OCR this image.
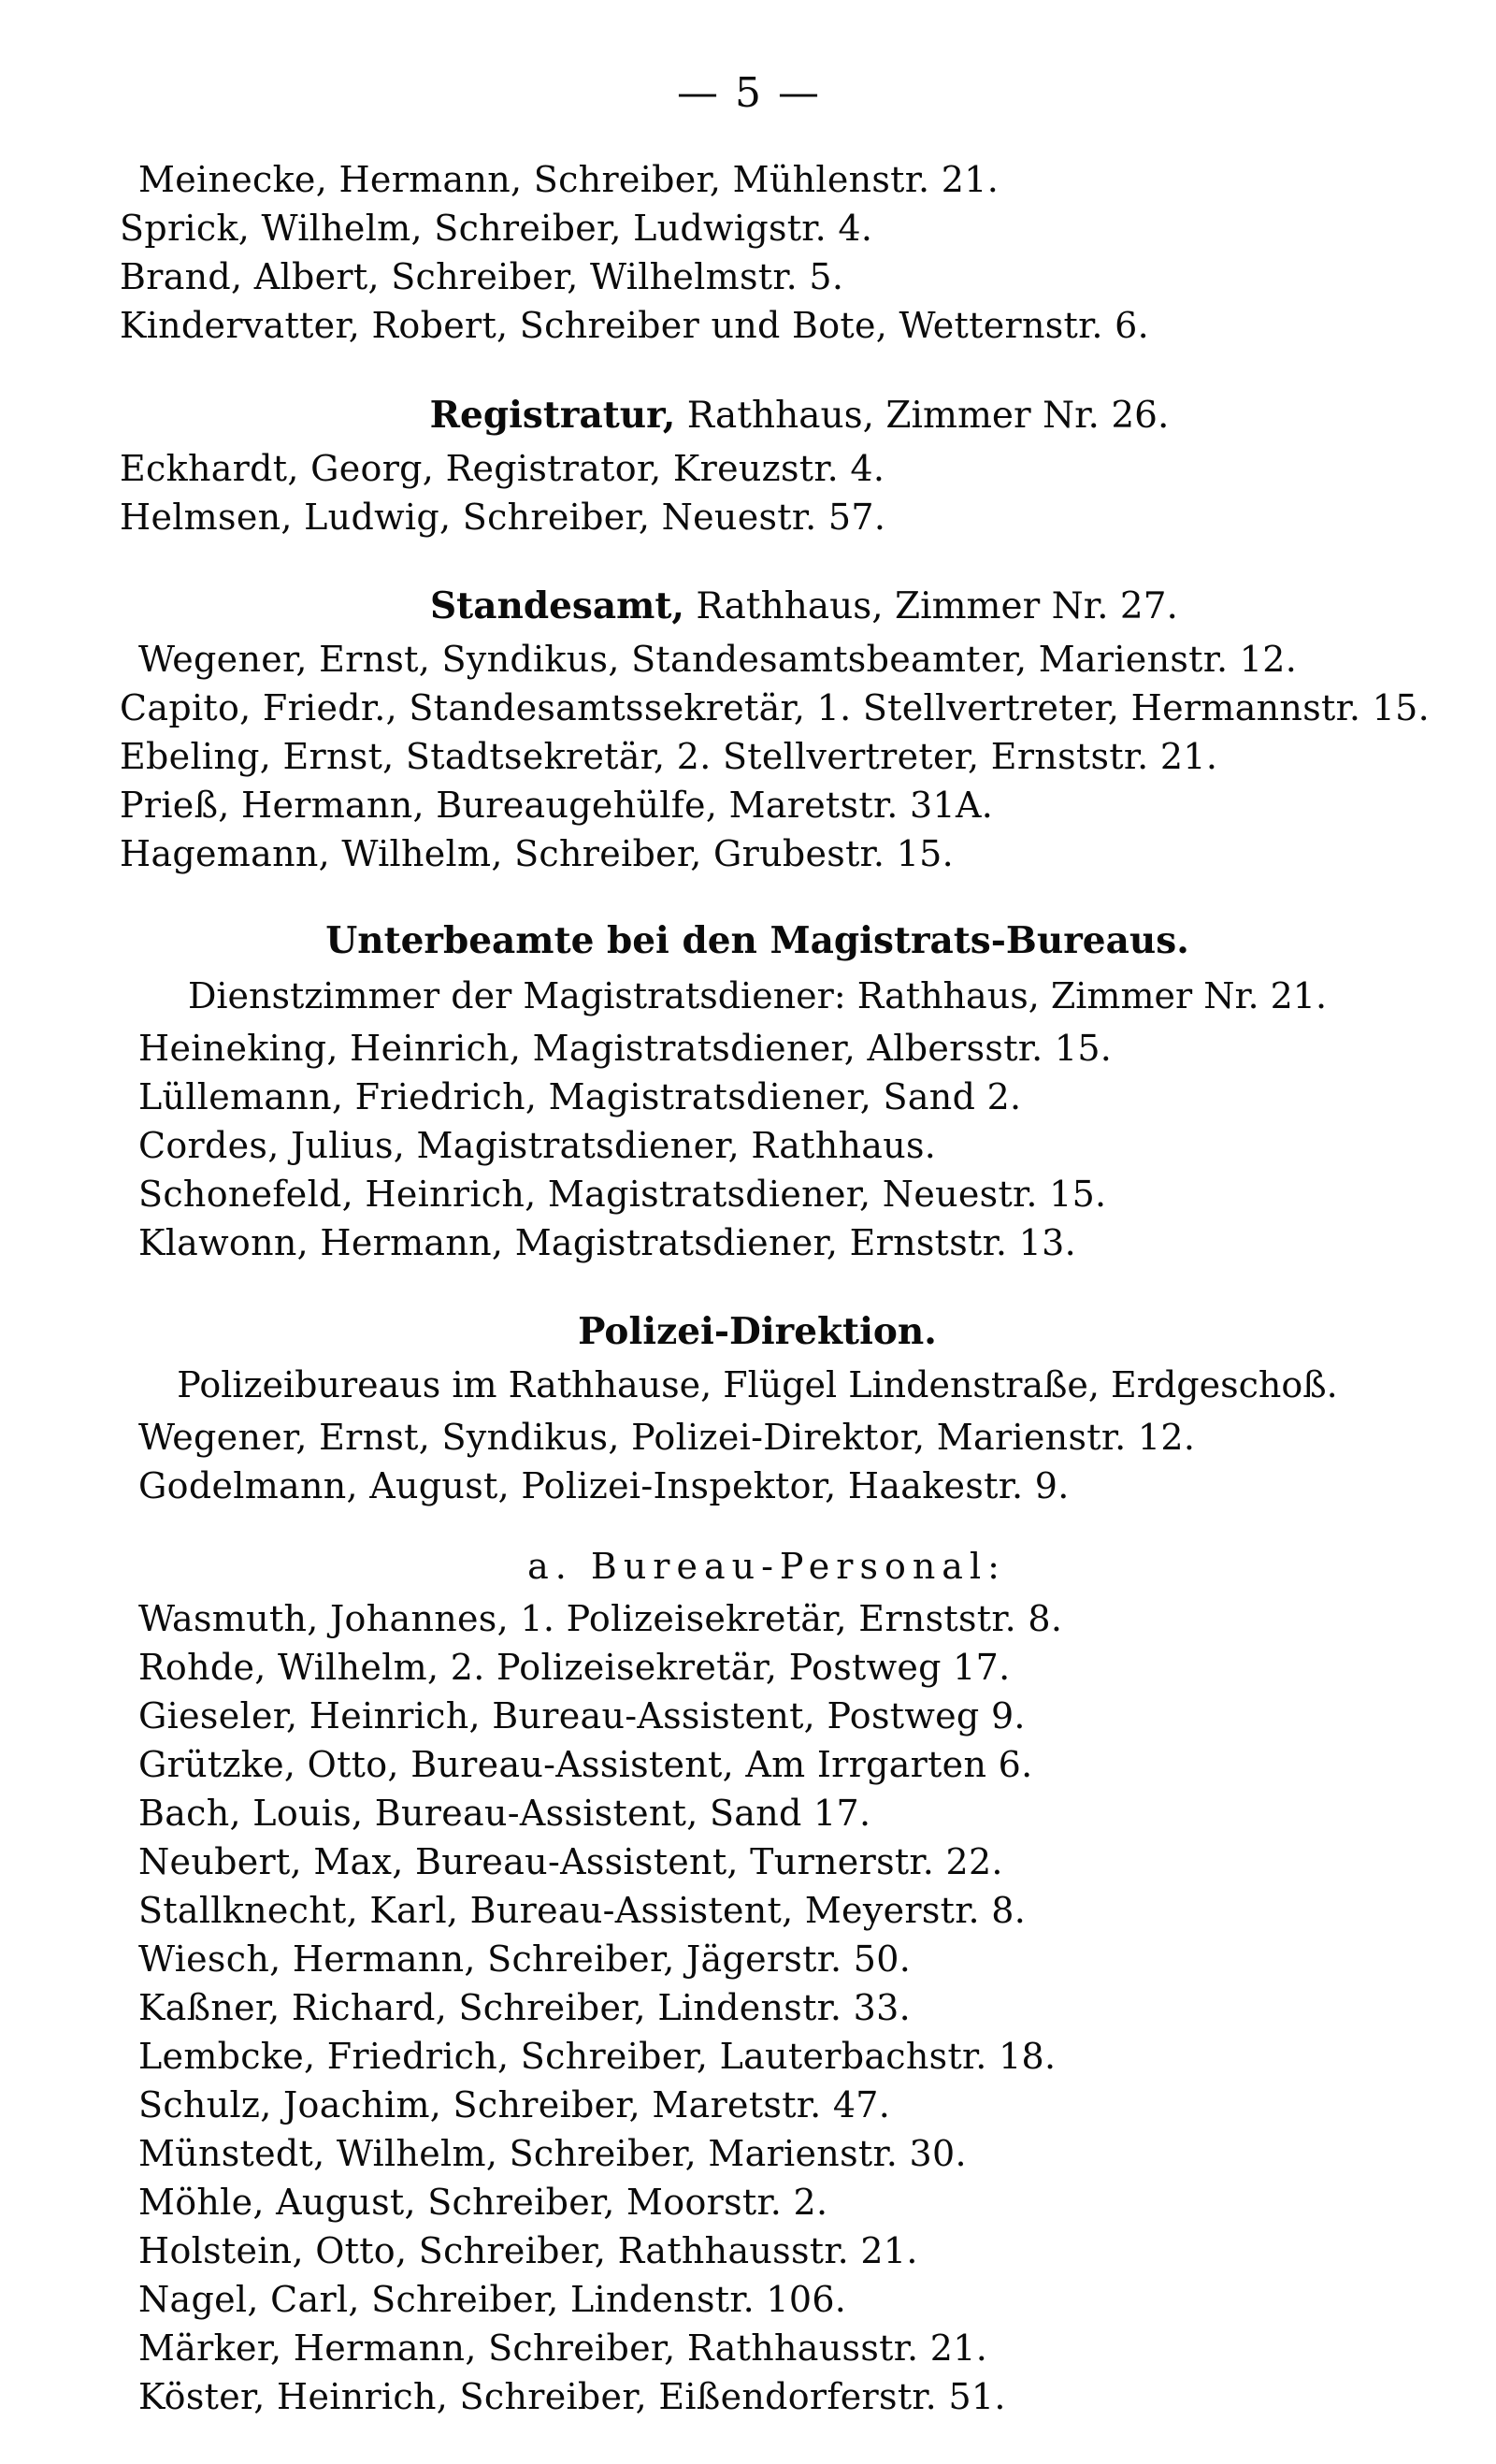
— 5 —
Meinecke, Hermann, Schreiber, Mühlenstr. 21.
Sprick, Wilhelm, Schreiber, Ludwigstr. 4.
Brand, Albert, Schreiber, Wilhelmstr. 5.
Kindervatter, Robert, Schreiber und Bote, Wetternstr. 6.
Registratur, Rathhaus, Zimmer Nr. 26.
Eckhardt, Georg, Registrator, Kreuzstr. 4.
Helmsen, Ludwig, Schreiber, Neuestr. 57.
Standesamt, Rathhaus, Zimmer Nr. 27.
Wegener, Ernst, Syndikus, Standesamtsbeamter, Marienstr. 12.
Capito, Friedr., Standesamtssekretär, 1. Stellvertreter, Hermannstr. 15.
Ebeling, Ernst, Stadtsekretär, 2. Stellvertreter, Ernststr. 21.
Prieß, Hermann, Bureaugehülfe, Maretstr. 31A.
Hagemann, Wilhelm, Schreiber, Grubestr. 15.
Unterbeamte bei den Magistrats-Bureaus.
Dienstzimmer der Magistratsdiener: Rathhaus, Zimmer Nr. 21.
Heineking, Heinrich, Magistratsdiener, Albersstr. 15.
Lüllemann, Friedrich, Magistratsdiener, Sand 2.
Cordes, Julius, Magistratsdiener, Rathhaus.
Schonefeld, Heinrich, Magistratsdiener, Neuestr. 15.
Klawonn, Hermann, Magistratsdiener, Ernststr. 13.
Polizei-Direktion.
Polizeibureaus im Rathhause, Flügel Lindenstraße, Erdgeschoß.
Wegener, Ernst, Syndikus, Polizei-Direktor, Marienstr. 12.
Godelmann, August, Polizei-Inspektor, Haakestr. 9.
a. Bureau-Personal:
Wasmuth, Johannes, 1. Polizeisekretär, Ernststr. 8.
Rohde, Wilhelm, 2. Polizeisekretär, Postweg 17.
Gieseler, Heinrich, Bureau-Assistent, Postweg 9.
Grützke, Otto, Bureau-Assistent, Am Irrgarten 6.
Bach, Louis, Bureau-Assistent, Sand 17.
Neubert, Max, Bureau-Assistent, Turnerstr. 22.
Stallknecht, Karl, Bureau-Assistent, Meyerstr. 8.
Wiesch, Hermann, Schreiber, Jägerstr. 50.
Kaßner, Richard, Schreiber, Lindenstr. 33.
Lembcke, Friedrich, Schreiber, Lauterbachstr. 18.
Schulz, Joachim, Schreiber, Maretstr. 47.
Münstedt, Wilhelm, Schreiber, Marienstr. 30.
Möhle, August, Schreiber, Moorstr. 2.
Holstein, Otto, Schreiber, Rathhausstr. 21.
Nagel, Carl, Schreiber, Lindenstr. 106.
Märker, Hermann, Schreiber, Rathhausstr. 21.
Köster, Heinrich, Schreiber, Eißendorferstr. 51.
